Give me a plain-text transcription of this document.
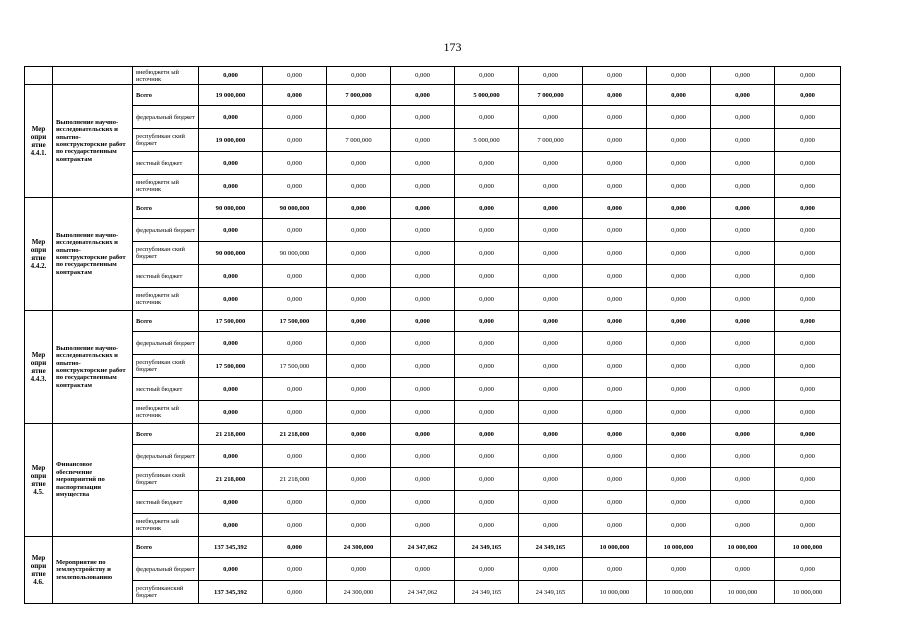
173
		внебюджетн ый источник	0,000	0,000	0,000	0,000	0,000	0,000	0,000	0,000	0,000	0,000
Мер опри ятие 4.4.1.	Выполнение научно-исследовательских и опытно-конструкторские работ по государственным контрактам	Всего	19 000,000	0,000	7 000,000	0,000	5 000,000	7 000,000	0,000	0,000	0,000	0,000
		федеральный бюджет	0,000	0,000	0,000	0,000	0,000	0,000	0,000	0,000	0,000	0,000
		республикан ский бюджет	19 000,000	0,000	7 000,000	0,000	5 000,000	7 000,000	0,000	0,000	0,000	0,000
		местный бюджет	0,000	0,000	0,000	0,000	0,000	0,000	0,000	0,000	0,000	0,000
		внебюджетн ый источник	0,000	0,000	0,000	0,000	0,000	0,000	0,000	0,000	0,000	0,000
Мер опри ятие 4.4.2.	Выполнение научно-исследовательских и опытно-конструкторские работ по государственным контрактам	Всего	90 000,000	90 000,000	0,000	0,000	0,000	0,000	0,000	0,000	0,000	0,000
		федеральный бюджет	0,000	0,000	0,000	0,000	0,000	0,000	0,000	0,000	0,000	0,000
		республикан ский бюджет	90 000,000	90 000,000	0,000	0,000	0,000	0,000	0,000	0,000	0,000	0,000
		местный бюджет	0,000	0,000	0,000	0,000	0,000	0,000	0,000	0,000	0,000	0,000
		внебюджетн ый источник	0,000	0,000	0,000	0,000	0,000	0,000	0,000	0,000	0,000	0,000
Мер опри ятие 4.4.3.	Выполнение научно-исследовательских и опытно-конструкторские работ по государственным контрактам	Всего	17 500,000	17 500,000	0,000	0,000	0,000	0,000	0,000	0,000	0,000	0,000
		федеральный бюджет	0,000	0,000	0,000	0,000	0,000	0,000	0,000	0,000	0,000	0,000
		республикан ский бюджет	17 500,000	17 500,000	0,000	0,000	0,000	0,000	0,000	0,000	0,000	0,000
		местный бюджет	0,000	0,000	0,000	0,000	0,000	0,000	0,000	0,000	0,000	0,000
		внебюджетн ый источник	0,000	0,000	0,000	0,000	0,000	0,000	0,000	0,000	0,000	0,000
Мер опри ятие 4.5.	Финансовое обеспечение мероприятий по паспортизации имущества	Всего	21 218,000	21 218,000	0,000	0,000	0,000	0,000	0,000	0,000	0,000	0,000
		федеральный бюджет	0,000	0,000	0,000	0,000	0,000	0,000	0,000	0,000	0,000	0,000
		республикан ский бюджет	21 218,000	21 218,000	0,000	0,000	0,000	0,000	0,000	0,000	0,000	0,000
		местный бюджет	0,000	0,000	0,000	0,000	0,000	0,000	0,000	0,000	0,000	0,000
		внебюджетн ый источник	0,000	0,000	0,000	0,000	0,000	0,000	0,000	0,000	0,000	0,000
Мер опри ятие 4.6.	Мероприятие по землеустройству и землепользованию	Всего	137 345,392	0,000	24 300,000	24 347,062	24 349,165	24 349,165	10 000,000	10 000,000	10 000,000	10 000,000
		федеральный бюджет	0,000	0,000	0,000	0,000	0,000	0,000	0,000	0,000	0,000	0,000
		республиканский бюджет	137 345,392	0,000	24 300,000	24 347,062	24 349,165	24 349,165	10 000,000	10 000,000	10 000,000	10 000,000
